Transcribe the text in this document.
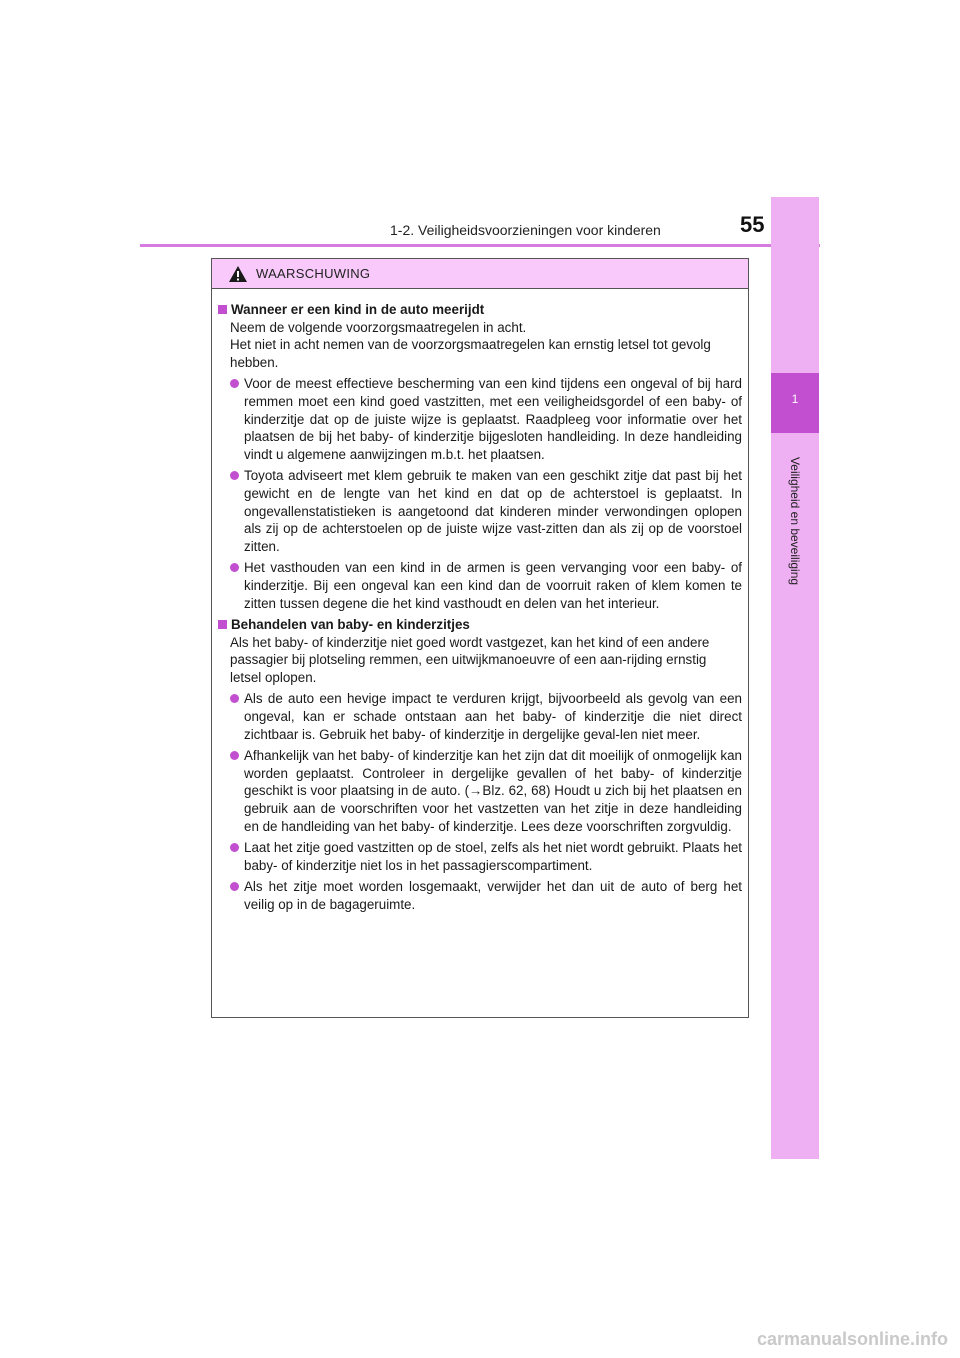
1-2. Veiligheidsvoorzieningen voor kinderen	55
1
Veiligheid en beveiliging
WAARSCHUWING
Wanneer er een kind in de auto meerijdt
Neem de volgende voorzorgsmaatregelen in acht.
Het niet in acht nemen van de voorzorgsmaatregelen kan ernstig letsel tot gevolg hebben.
Voor de meest effectieve bescherming van een kind tijdens een ongeval of bij hard remmen moet een kind goed vastzitten, met een veiligheidsgordel of een baby- of kinderzitje dat op de juiste wijze is geplaatst. Raadpleeg voor informatie over het plaatsen de bij het baby- of kinderzitje bijgesloten handleiding. In deze handleiding vindt u algemene aanwijzingen m.b.t. het plaatsen.
Toyota adviseert met klem gebruik te maken van een geschikt zitje dat past bij het gewicht en de lengte van het kind en dat op de achterstoel is geplaatst. In ongevallenstatistieken is aangetoond dat kinderen minder verwondingen oplopen als zij op de achterstoelen op de juiste wijze vast-zitten dan als zij op de voorstoel zitten.
Het vasthouden van een kind in de armen is geen vervanging voor een baby- of kinderzitje. Bij een ongeval kan een kind dan de voorruit raken of klem komen te zitten tussen degene die het kind vasthoudt en delen van het interieur.
Behandelen van baby- en kinderzitjes
Als het baby- of kinderzitje niet goed wordt vastgezet, kan het kind of een andere passagier bij plotseling remmen, een uitwijkmanoeuvre of een aan-rijding ernstig letsel oplopen.
Als de auto een hevige impact te verduren krijgt, bijvoorbeeld als gevolg van een ongeval, kan er schade ontstaan aan het baby- of kinderzitje die niet direct zichtbaar is. Gebruik het baby- of kinderzitje in dergelijke geval-len niet meer.
Afhankelijk van het baby- of kinderzitje kan het zijn dat dit moeilijk of onmogelijk kan worden geplaatst. Controleer in dergelijke gevallen of het baby- of kinderzitje geschikt is voor plaatsing in de auto. (→Blz. 62, 68) Houdt u zich bij het plaatsen en gebruik aan de voorschriften voor het vastzetten van het zitje in deze handleiding en de handleiding van het baby- of kinderzitje. Lees deze voorschriften zorgvuldig.
Laat het zitje goed vastzitten op de stoel, zelfs als het niet wordt gebruikt. Plaats het baby- of kinderzitje niet los in het passagierscompartiment.
Als het zitje moet worden losgemaakt, verwijder het dan uit de auto of berg het veilig op in de bagageruimte.
carmanualsonline.info
